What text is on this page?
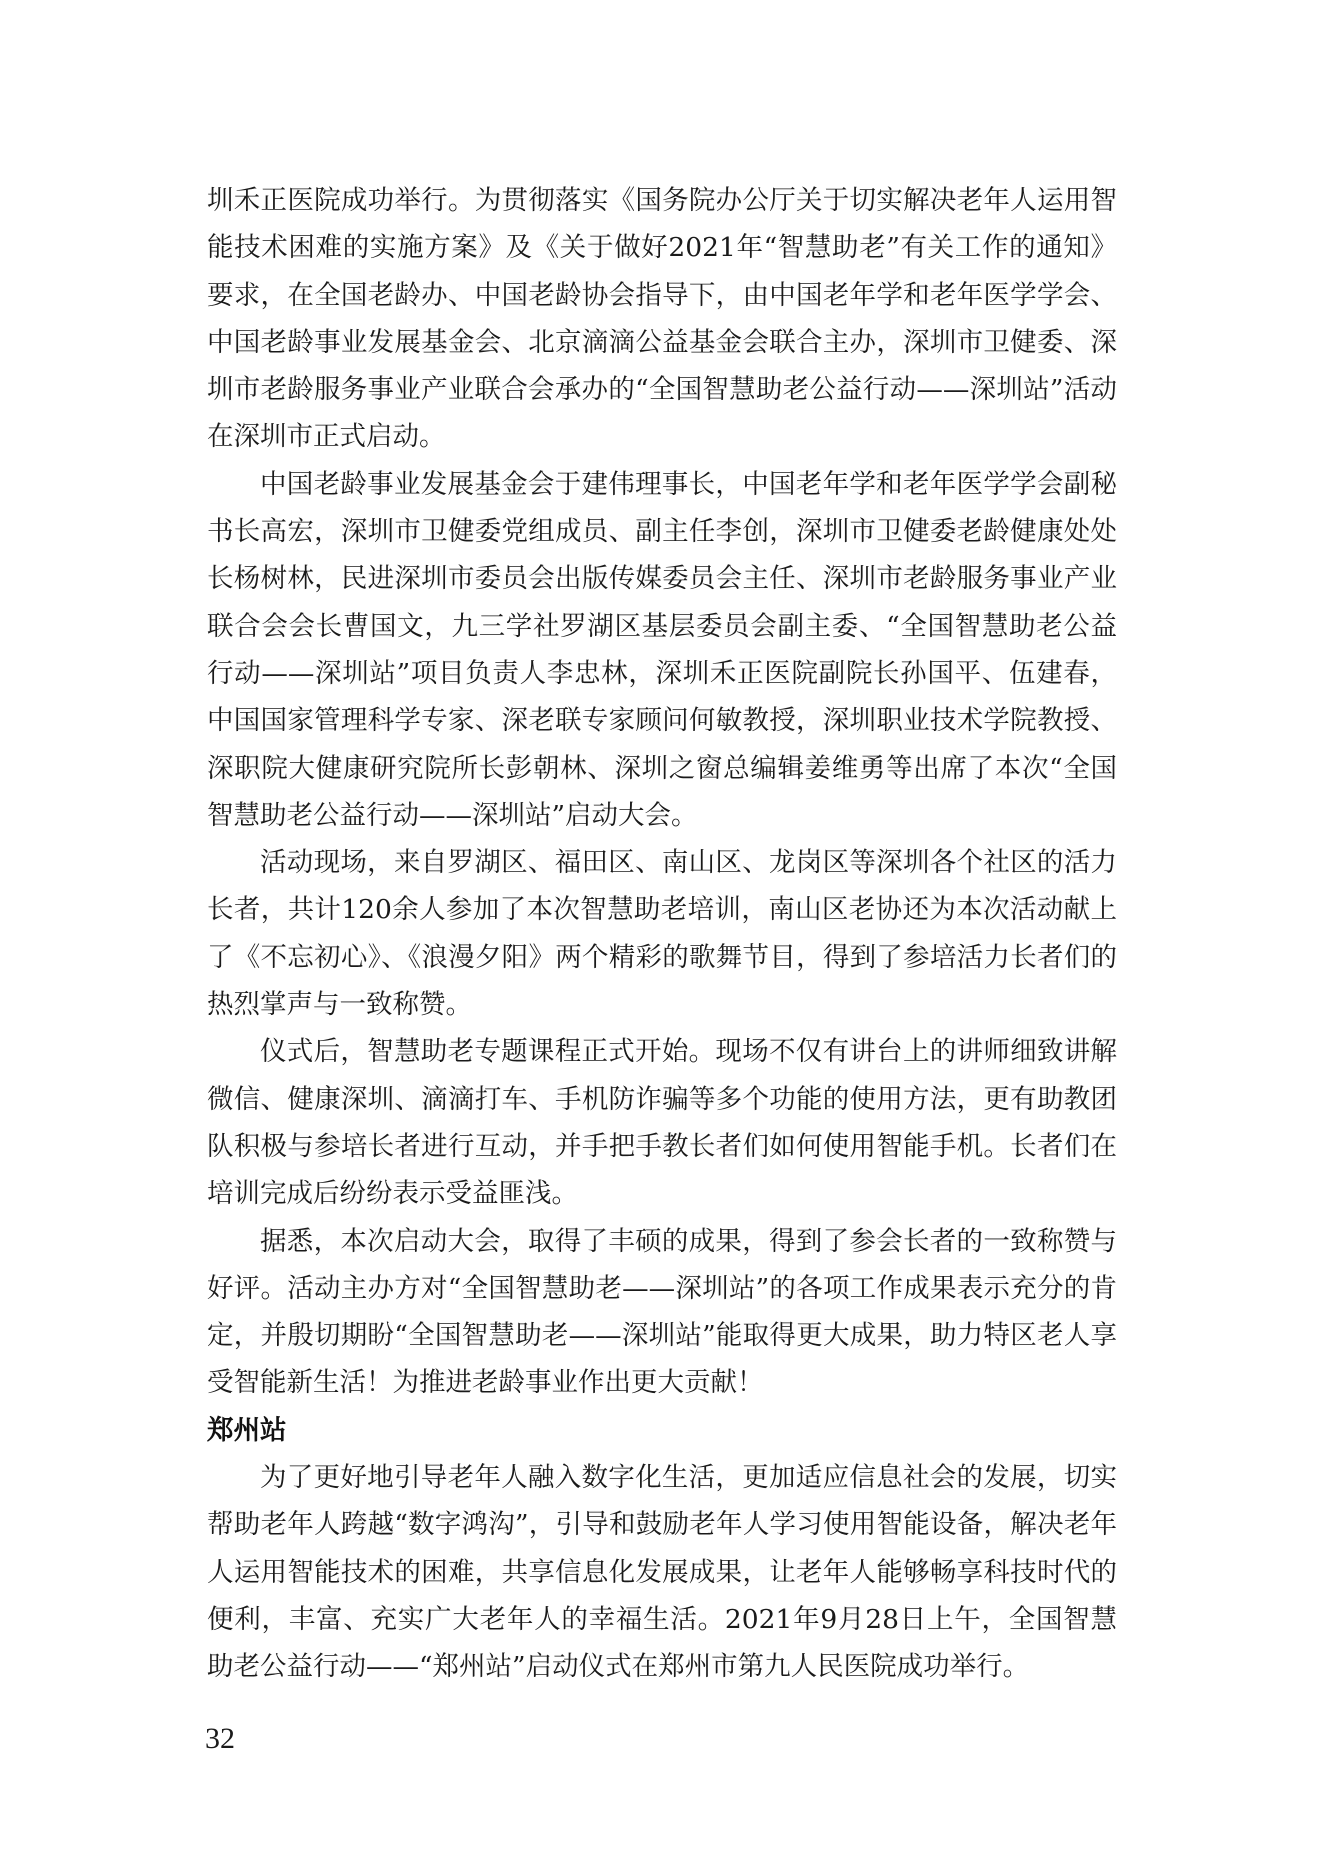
圳禾正医院成功举行。为贯彻落实《国务院办公厅关于切实解决老年人运用智能技术困难的实施方案》及《关于做好2021年“智慧助老”有关工作的通知》要求，在全国老龄办、中国老龄协会指导下，由中国老年学和老年医学学会、中国老龄事业发展基金会、北京滴滴公益基金会联合主办，深圳市卫健委、深圳市老龄服务事业产业联合会承办的“全国智慧助老公益行动——深圳站”活动在深圳市正式启动。

中国老龄事业发展基金会于建伟理事长，中国老年学和老年医学学会副秘书长高宏，深圳市卫健委党组成员、副主任李创，深圳市卫健委老龄健康处处长杨树林，民进深圳市委员会出版传媒委员会主任、深圳市老龄服务事业产业联合会会长曹国文，九三学社罗湖区基层委员会副主委、“全国智慧助老公益行动——深圳站”项目负责人李忠林，深圳禾正医院副院长孙国平、伍建春，中国国家管理科学专家、深老联专家顾问何敏教授，深圳职业技术学院教授、深职院大健康研究院所长彭朝林、深圳之窗总编辑姜维勇等出席了本次“全国智慧助老公益行动——深圳站”启动大会。

活动现场，来自罗湖区、福田区、南山区、龙岗区等深圳各个社区的活力长者，共计120余人参加了本次智慧助老培训，南山区老协还为本次活动献上了《不忘初心》、《浪漫夕阳》两个精彩的歌舞节目，得到了参培活力长者们的热烈掌声与一致称赞。

仪式后，智慧助老专题课程正式开始。现场不仅有讲台上的讲师细致讲解微信、健康深圳、滴滴打车、手机防诈骗等多个功能的使用方法，更有助教团队积极与参培长者进行互动，并手把手教长者们如何使用智能手机。长者们在培训完成后纷纷表示受益匪浅。

据悉，本次启动大会，取得了丰硕的成果，得到了参会长者的一致称赞与好评。活动主办方对“全国智慧助老——深圳站”的各项工作成果表示充分的肯定，并殷切期盼“全国智慧助老——深圳站”能取得更大成果，助力特区老人享受智能新生活！为推进老龄事业作出更大贡献！

郑州站

为了更好地引导老年人融入数字化生活，更加适应信息社会的发展，切实帮助老年人跨越“数字鸿沟”，引导和鼓励老年人学习使用智能设备，解决老年人运用智能技术的困难，共享信息化发展成果，让老年人能够畅享科技时代的便利，丰富、充实广大老年人的幸福生活。2021年9月28日上午，全国智慧助老公益行动——“郑州站”启动仪式在郑州市第九人民医院成功举行。

32
